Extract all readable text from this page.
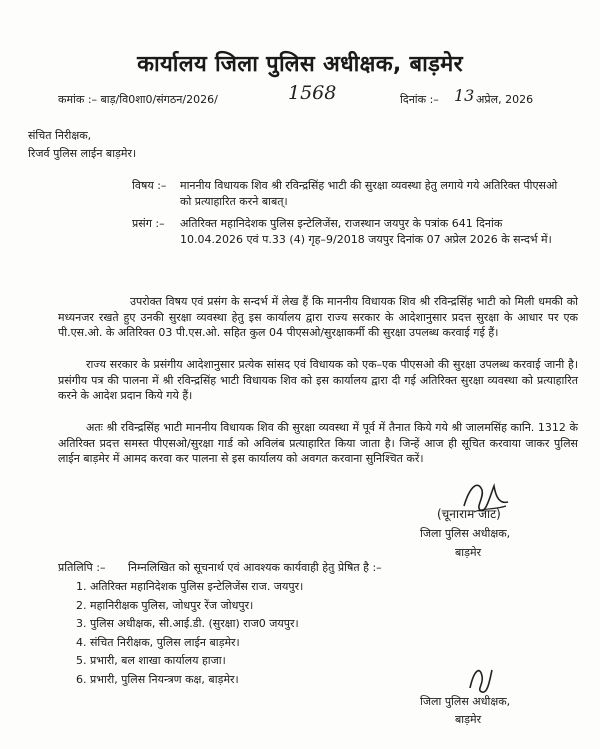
कार्यालय जिला पुलिस अधीक्षक, बाड़मेर
कमांक :– बाड़/वि0शा0/संगठन/2026/	1568	दिनांक :– 13 अप्रेल, 2026
संचित निरीक्षक,
रिजर्व पुलिस लाईन बाड़मेर।
विषय :– माननीय विधायक शिव श्री रविन्द्रसिंह भाटी की सुरक्षा व्यवस्था हेतु लगाये गये अतिरिक्त पीएसओ को प्रत्याहारित करने बाबत्।
प्रसंग :– अतिरिक्त महानिदेशक पुलिस इन्टेलिजेंस, राजस्थान जयपुर के पत्रांक 641 दिनांक 10.04.2026 एवं प.33 (4) गृह–9/2018 जयपुर दिनांक 07 अप्रेल 2026 के सन्दर्भ में।
उपरोक्त विषय एवं प्रसंग के सन्दर्भ में लेख हैं कि माननीय विधायक शिव श्री रविन्द्रसिंह भाटी को मिली धमकी को मध्यनजर रखते हुए उनकी सुरक्षा व्यवस्था हेतु इस कार्यालय द्वारा राज्य सरकार के आदेशानुसार प्रदत्त सुरक्षा के आधार पर एक पी.एस.ओ. के अतिरिक्त 03 पी.एस.ओ. सहित कुल 04 पीएसओ/सुरक्षाकर्मी की सुरक्षा उपलब्ध करवाई गई हैं।
राज्य सरकार के प्रसंगीय आदेशानुसार प्रत्येक सांसद एवं विधायक को एक–एक पीएसओ की सुरक्षा उपलब्ध करवाई जानी है। प्रसंगीय पत्र की पालना में श्री रविन्द्रसिंह भाटी विधायक शिव को इस कार्यालय द्वारा दी गई अतिरिक्त सुरक्षा व्यवस्था को प्रत्याहारित करने के आदेश प्रदान किये गये हैं।
अतः श्री रविन्द्रसिंह भाटी माननीय विधायक शिव की सुरक्षा व्यवस्था में पूर्व में तैनात किये गये श्री जालमसिंह कानि. 1312 के अतिरिक्त प्रदत्त समस्त पीएसओ/सुरक्षा गार्ड को अविलंब प्रत्याहारित किया जाता है। जिन्हें आज ही सूचित करवाया जाकर पुलिस लाईन बाड़मेर में आमद करवा कर पालना से इस कार्यालय को अवगत करवाना सुनिश्चित करें।
(चूनाराम जाट)
जिला पुलिस अधीक्षक,
बाड़मेर
प्रतिलिपि :– निम्नलिखित को सूचनार्थ एवं आवश्यक कार्यवाही हेतु प्रेषित है :–
1. अतिरिक्त महानिदेशक पुलिस इन्टेलिजेंस राज. जयपुर।
2. महानिरीक्षक पुलिस, जोधपुर रेंज जोधपुर।
3. पुलिस अधीक्षक, सी.आई.डी. (सुरक्षा) राज0 जयपुर।
4. संचित निरीक्षक, पुलिस लाईन बाड़मेर।
5. प्रभारी, बल शाखा कार्यालय हाजा।
6. प्रभारी, पुलिस नियन्त्रण कक्ष, बाड़मेर।
जिला पुलिस अधीक्षक,
बाड़मेर
